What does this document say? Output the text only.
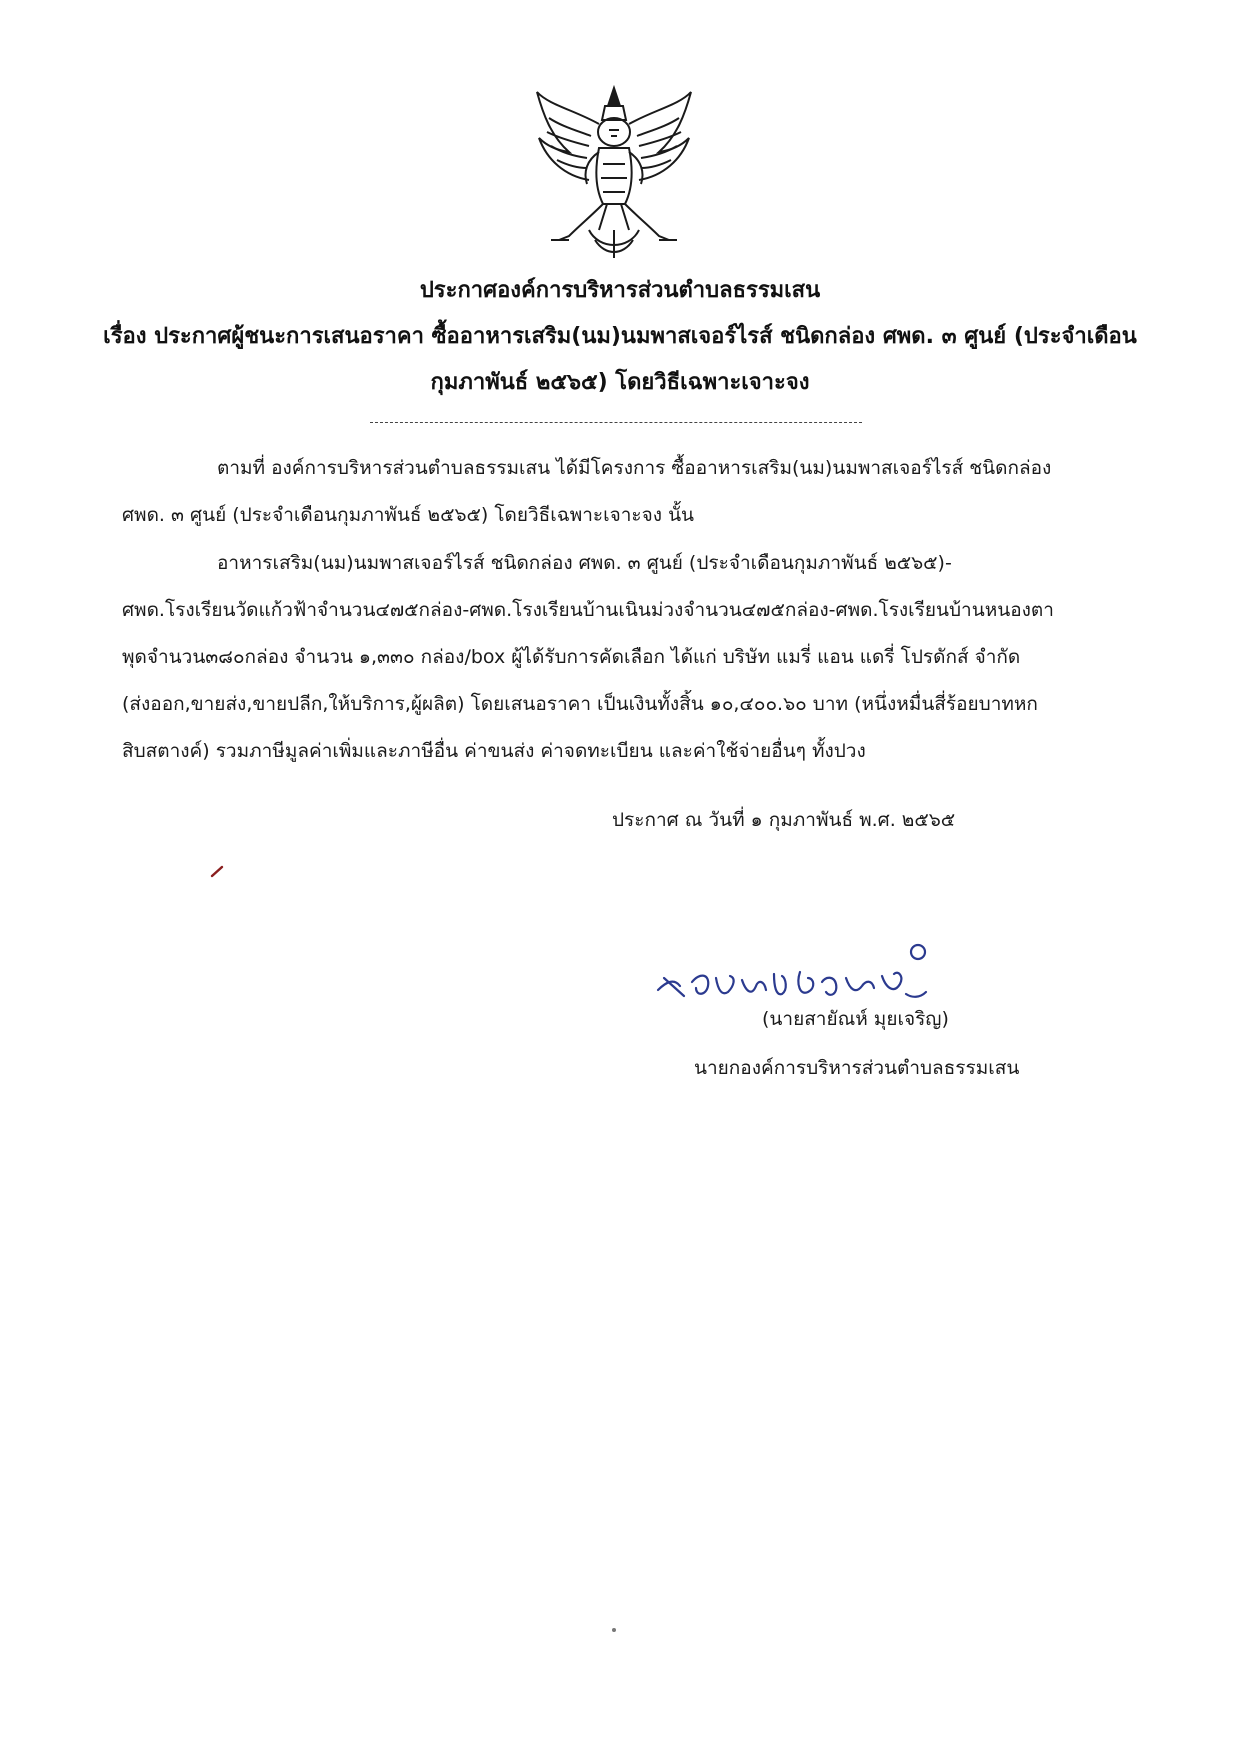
ประกาศองค์การบริหารส่วนตำบลธรรมเสน

เรื่อง ประกาศผู้ชนะการเสนอราคา ซื้ออาหารเสริม(นม)นมพาสเจอร์ไรส์ ชนิดกล่อง ศพด. ๓ ศูนย์ (ประจำเดือน

กุมภาพันธ์ ๒๕๖๕) โดยวิธีเฉพาะเจาะจง

ตามที่ องค์การบริหารส่วนตำบลธรรมเสน ได้มีโครงการ ซื้ออาหารเสริม(นม)นมพาสเจอร์ไรส์ ชนิดกล่อง
ศพด. ๓ ศูนย์ (ประจำเดือนกุมภาพันธ์ ๒๕๖๕) โดยวิธีเฉพาะเจาะจง นั้น
อาหารเสริม(นม)นมพาสเจอร์ไรส์ ชนิดกล่อง ศพด. ๓ ศูนย์ (ประจำเดือนกุมภาพันธ์ ๒๕๖๕)-
ศพด.โรงเรียนวัดแก้วฟ้าจำนวน๔๗๕กล่อง-ศพด.โรงเรียนบ้านเนินม่วงจำนวน๔๗๕กล่อง-ศพด.โรงเรียนบ้านหนองตา
พุดจำนวน๓๘๐กล่อง จำนวน ๑,๓๓๐ กล่อง/box ผู้ได้รับการคัดเลือก ได้แก่ บริษัท แมรี่ แอน แดรี่ โปรดักส์ จำกัด
(ส่งออก,ขายส่ง,ขายปลีก,ให้บริการ,ผู้ผลิต) โดยเสนอราคา เป็นเงินทั้งสิ้น ๑๐,๔๐๐.๖๐ บาท (หนึ่งหมื่นสี่ร้อยบาทหก
สิบสตางค์) รวมภาษีมูลค่าเพิ่มและภาษีอื่น ค่าขนส่ง ค่าจดทะเบียน และค่าใช้จ่ายอื่นๆ ทั้งปวง
ประกาศ ณ วันที่ ๑ กุมภาพันธ์ พ.ศ. ๒๕๖๕
(นายสายัณห์ มุยเจริญ)
นายกองค์การบริหารส่วนตำบลธรรมเสน
